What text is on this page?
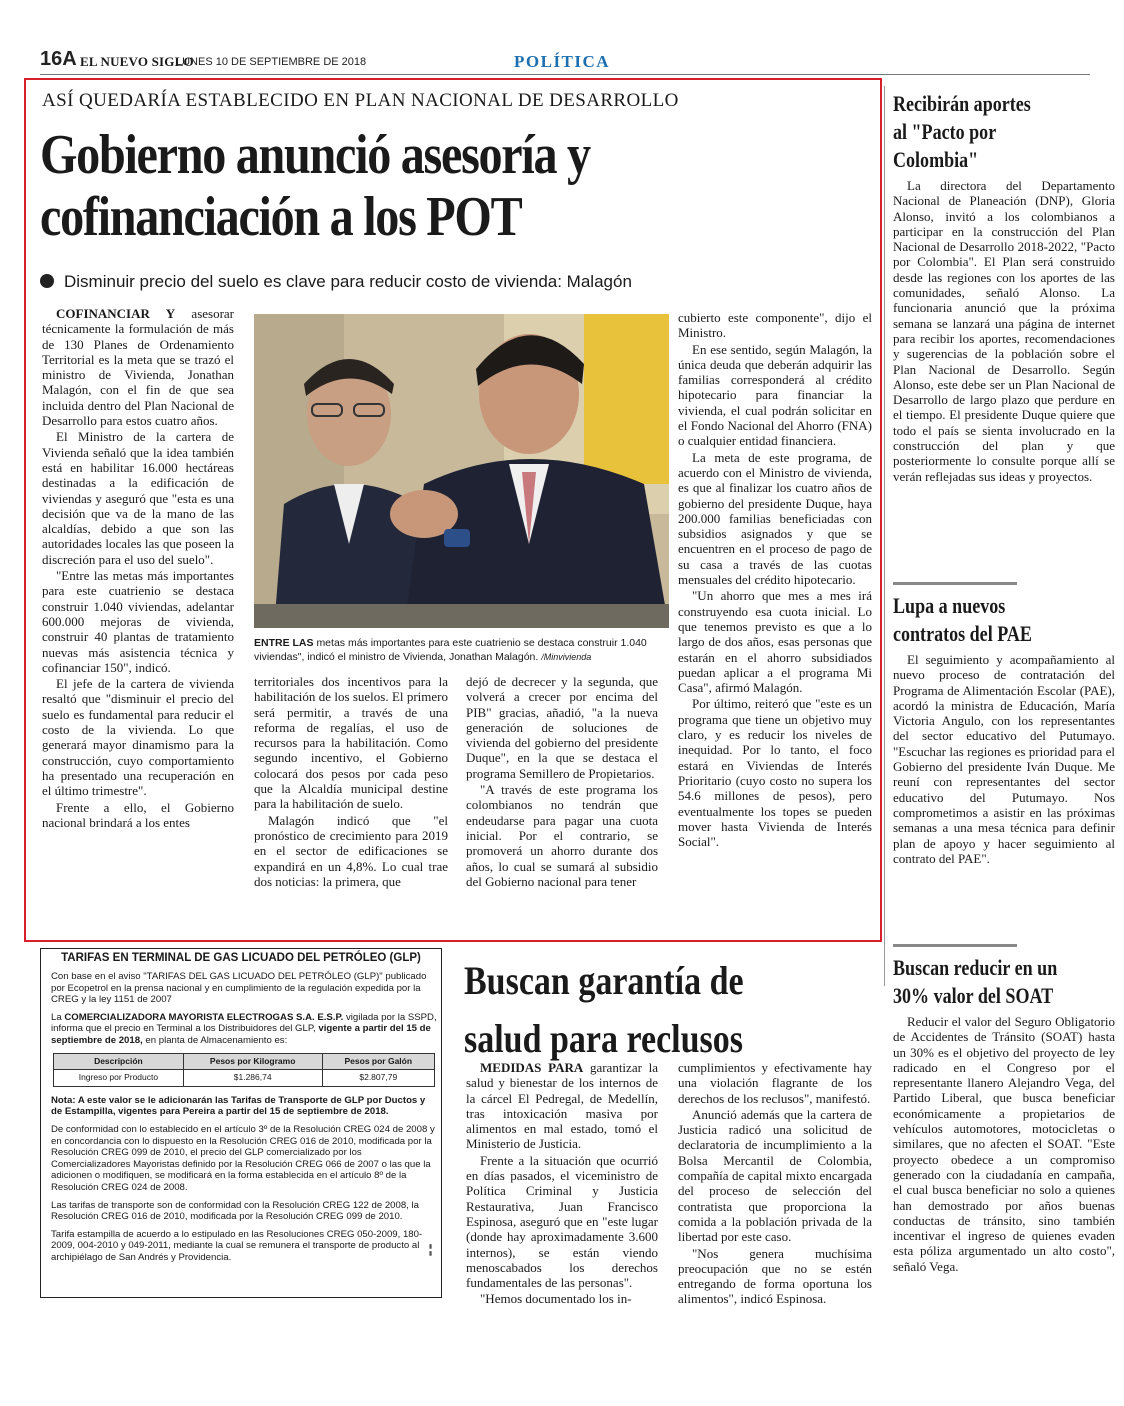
16A EL NUEVO SIGLO
LUNES 10 DE SEPTIEMBRE DE 2018	POLÍTICA
ASÍ QUEDARÍA ESTABLECIDO EN PLAN NACIONAL DE DESARROLLO
Gobierno anunció asesoría y cofinanciación a los POT
Disminuir precio del suelo es clave para reducir costo de vivienda: Malagón

COFINANCIAR Y asesorar técnicamente la formulación de más de 130 Planes de Ordenamiento Territorial es la meta que se trazó el ministro de Vivienda, Jonathan Malagón, con el fin de que sea incluida dentro del Plan Nacional de Desarrollo para estos cuatro años.

El Ministro de la cartera de Vivienda señaló que la idea también está en habilitar 16.000 hectáreas destinadas a la edificación de viviendas y aseguró que "esta es una decisión que va de la mano de las alcaldías, debido a que son las autoridades locales las que poseen la discreción para el uso del suelo".

"Entre las metas más importantes para este cuatrienio se destaca construir 1.040 viviendas, adelantar 600.000 mejoras de vivienda, construir 40 plantas de tratamiento nuevas más asistencia técnica y cofinanciar 150", indicó.

El jefe de la cartera de vivienda resaltó que "disminuir el precio del suelo es fundamental para reducir el costo de la vivienda. Lo que generará mayor dinamismo para la construcción, cuyo comportamiento ha presentado una recuperación en el último trimestre".

Frente a ello, el Gobierno nacional brindará a los entes

ENTRE LAS metas más importantes para este cuatrienio se destaca construir 1.040 viviendas", indicó el ministro de Vivienda, Jonathan Malagón. /Minvivienda

territoriales dos incentivos para la habilitación de los suelos. El primero será permitir, a través de una reforma de regalías, el uso de recursos para la habilitación. Como segundo incentivo, el Gobierno colocará dos pesos por cada peso que la Alcaldía municipal destine para la habilitación de suelo.

Malagón indicó que "el pronóstico de crecimiento para 2019 en el sector de edificaciones se expandirá en un 4,8%. Lo cual trae dos noticias: la primera, que

dejó de decrecer y la segunda, que volverá a crecer por encima del PIB" gracias, añadió, "a la nueva generación de soluciones de vivienda del gobierno del presidente Duque", en la que se destaca el programa Semillero de Propietarios.

"A través de este programa los colombianos no tendrán que endeudarse para pagar una cuota inicial. Por el contrario, se promoverá un ahorro durante dos años, lo cual se sumará al subsidio del Gobierno nacional para tener

cubierto este componente", dijo el Ministro.

En ese sentido, según Malagón, la única deuda que deberán adquirir las familias corresponderá al crédito hipotecario para financiar la vivienda, el cual podrán solicitar en el Fondo Nacional del Ahorro (FNA) o cualquier entidad financiera.

La meta de este programa, de acuerdo con el Ministro de vivienda, es que al finalizar los cuatro años de gobierno del presidente Duque, haya 200.000 familias beneficiadas con subsidios asignados y que se encuentren en el proceso de pago de su casa a través de las cuotas mensuales del crédito hipotecario.

"Un ahorro que mes a mes irá construyendo esa cuota inicial. Lo que tenemos previsto es que a lo largo de dos años, esas personas que estarán en el ahorro subsidiados puedan aplicar a el programa Mi Casa", afirmó Malagón.

Por último, reiteró que "este es un programa que tiene un objetivo muy claro, y es reducir los niveles de inequidad. Por lo tanto, el foco estará en Viviendas de Interés Prioritario (cuyo costo no supera los 54.6 millones de pesos), pero eventualmente los topes se pueden mover hasta Vivienda de Interés Social".

Recibirán aportes al "Pacto por Colombia"

La directora del Departamento Nacional de Planeación (DNP), Gloria Alonso, invitó a los colombianos a participar en la construcción del Plan Nacional de Desarrollo 2018-2022, "Pacto por Colombia". El Plan será construido desde las regiones con los aportes de las comunidades, señaló Alonso. La funcionaria anunció que la próxima semana se lanzará una página de internet para recibir los aportes, recomendaciones y sugerencias de la población sobre el Plan Nacional de Desarrollo. Según Alonso, este debe ser un Plan Nacional de Desarrollo de largo plazo que perdure en el tiempo. El presidente Duque quiere que todo el país se sienta involucrado en la construcción del plan y que posteriormente lo consulte porque allí se verán reflejadas sus ideas y proyectos.

Lupa a nuevos contratos del PAE

El seguimiento y acompañamiento al nuevo proceso de contratación del Programa de Alimentación Escolar (PAE), acordó la ministra de Educación, María Victoria Angulo, con los representantes del sector educativo del Putumayo. "Escuchar las regiones es prioridad para el Gobierno del presidente Iván Duque. Me reuní con representantes del sector educativo del Putumayo. Nos comprometimos a asistir en las próximas semanas a una mesa técnica para definir plan de apoyo y hacer seguimiento al contrato del PAE".

Buscan reducir en un 30% valor del SOAT

Reducir el valor del Seguro Obligatorio de Accidentes de Tránsito (SOAT) hasta un 30% es el objetivo del proyecto de ley radicado en el Congreso por el representante llanero Alejandro Vega, del Partido Liberal, que busca beneficiar económicamente a propietarios de vehículos automotores, motocicletas o similares, que no afecten el SOAT. "Este proyecto obedece a un compromiso generado con la ciudadanía en campaña, el cual busca beneficiar no solo a quienes han demostrado por años buenas conductas de tránsito, sino también incentivar el ingreso de quienes evaden esta póliza argumentado un alto costo", señaló Vega.

TARIFAS EN TERMINAL DE GAS LICUADO DEL PETRÓLEO (GLP)

Con base en el aviso "TARIFAS DEL GAS LICUADO DEL PETRÓLEO (GLP)" publicado por Ecopetrol en la prensa nacional y en cumplimiento de la regulación expedida por la CREG y la ley 1151 de 2007

La COMERCIALIZADORA MAYORISTA ELECTROGAS S.A. E.S.P. vigilada por la SSPD, informa que el precio en Terminal a los Distribuidores del GLP, vigente a partir del 15 de septiembre de 2018, en planta de Almacenamiento es:

Descripción	Pesos por Kilogramo	Pesos por Galón
Ingreso por Producto	$1.286,74	$2.807,79

Nota: A este valor se le adicionarán las Tarifas de Transporte de GLP por Ductos y de Estampilla, vigentes para Pereira a partir del 15 de septiembre de 2018.

De conformidad con lo establecido en el artículo 3º de la Resolución CREG 024 de 2008 y en concordancia con lo dispuesto en la Resolución CREG 016 de 2010, modificada por la Resolución CREG 099 de 2010, el precio del GLP comercializado por los Comercializadores Mayoristas definido por la Resolución CREG 066 de 2007 o las que la adicionen o modifiquen, se modificará en la forma establecida en el artículo 8º de la Resolución CREG 024 de 2008.

Las tarifas de transporte son de conformidad con la Resolución CREG 122 de 2008, la Resolución CREG 016 de 2010, modificada por la Resolución CREG 099 de 2010.

Tarifa estampilla de acuerdo a lo estipulado en las Resoluciones CREG 050-2009, 180-2009, 004-2010 y 049-2011, mediante la cual se remunera el transporte de producto al archipiélago de San Andrés y Providencia.

▮▮
Buscan garantía de salud para reclusos

MEDIDAS PARA garantizar la salud y bienestar de los internos de la cárcel El Pedregal, de Medellín, tras intoxicación masiva por alimentos en mal estado, tomó el Ministerio de Justicia.

Frente a la situación que ocurrió en días pasados, el viceministro de Política Criminal y Justicia Restaurativa, Juan Francisco Espinosa, aseguró que en "este lugar (donde hay aproximadamente 3.600 internos), se están viendo menoscabados los derechos fundamentales de las personas".

"Hemos documentado los in-

cumplimientos y efectivamente hay una violación flagrante de los derechos de los reclusos", manifestó.

Anunció además que la cartera de Justicia radicó una solicitud de declaratoria de incumplimiento a la Bolsa Mercantil de Colombia, compañía de capital mixto encargada del proceso de selección del contratista que proporciona la comida a la población privada de la libertad por este caso.

"Nos genera muchísima preocupación que no se estén entregando de forma oportuna los alimentos", indicó Espinosa.
